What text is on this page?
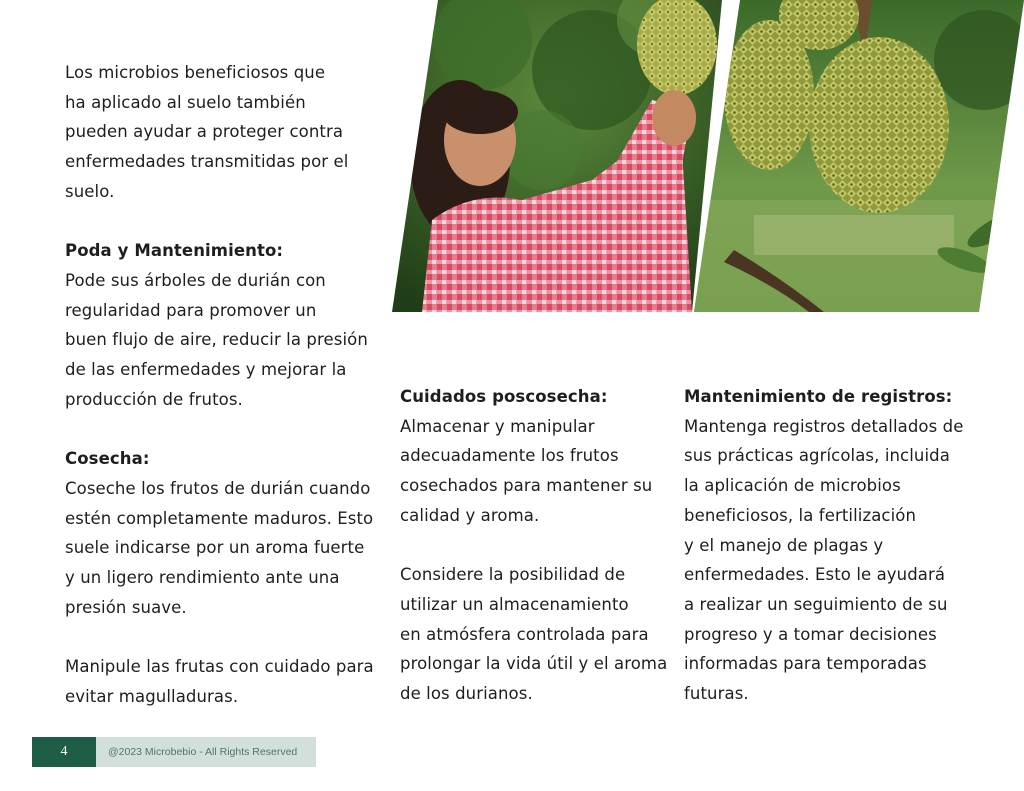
Los microbios beneficiosos que
ha aplicado al suelo también
pueden ayudar a proteger contra
enfermedades transmitidas por el
suelo.

Poda y Mantenimiento:

Pode sus árboles de durián con
regularidad para promover un
buen flujo de aire, reducir la presión
de las enfermedades y mejorar la
producción de frutos.

Cosecha:

Coseche los frutos de durián cuando
estén completamente maduros. Esto
suele indicarse por un aroma fuerte
y un ligero rendimiento ante una
presión suave.

Manipule las frutas con cuidado para
evitar magulladuras.

Cuidados poscosecha:

Almacenar y manipular
adecuadamente los frutos
cosechados para mantener su
calidad y aroma.

Considere la posibilidad de
utilizar un almacenamiento
en atmósfera controlada para
prolongar la vida útil y el aroma
de los durianos.

Mantenimiento de registros:

Mantenga registros detallados de
sus prácticas agrícolas, incluida
la aplicación de microbios
beneficiosos, la fertilización
y el manejo de plagas y
enfermedades. Esto le ayudará
a realizar un seguimiento de su
progreso y a tomar decisiones
informadas para temporadas
futuras.

4	@2023 Microbebio - All Rights Reserved
